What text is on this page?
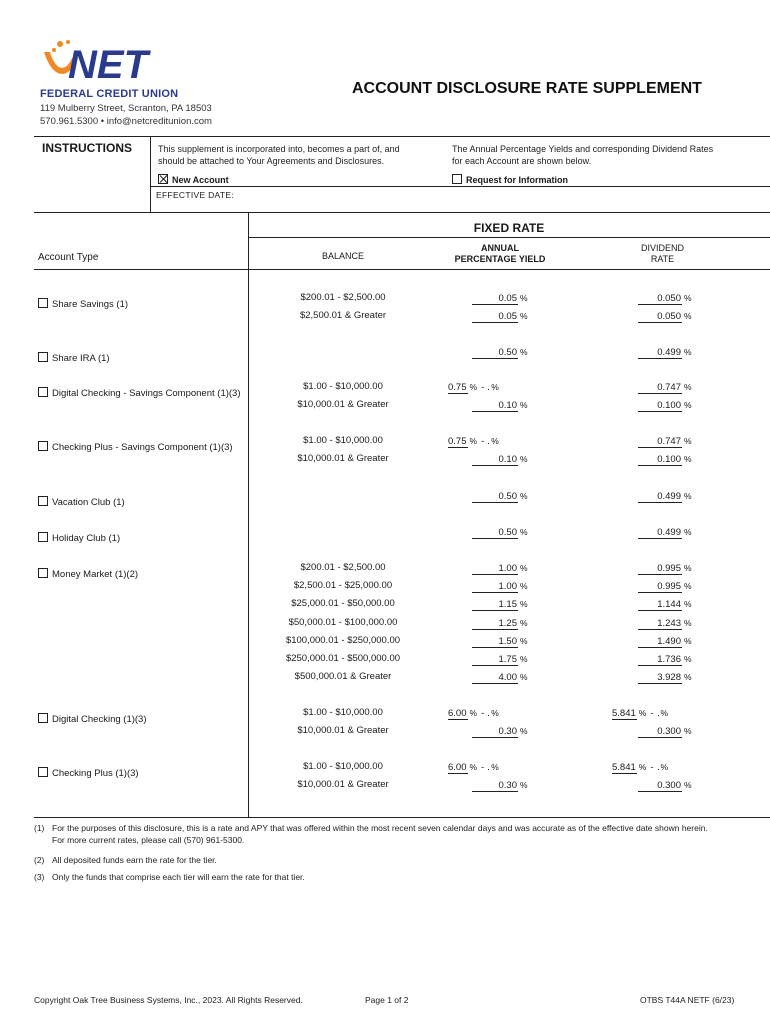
NET
FEDERAL CREDIT UNION
119 Mulberry Street, Scranton, PA 18503
570.961.5300 • info@netcreditunion.com
ACCOUNT DISCLOSURE RATE SUPPLEMENT
INSTRUCTIONS	This supplement is incorporated into, becomes a part of, and
should be attached to Your Agreements and Disclosures.
The Annual Percentage Yields and corresponding Dividend Rates
for each Account are shown below.
New Account	Request for Information
EFFECTIVE DATE:
FIXED RATE
Account Type	BALANCE
ANNUAL
PERCENTAGE YIELD
DIVIDEND
RATE
Share Savings (1)
$200.01 - $2,500.00	0.05 %	0.050 %
$2,500.01 & Greater	0.05 %	0.050 %
Share IRA (1)
0.50 %	0.499 %
Digital Checking - Savings Component (1)(3)
$1.00 - $10,000.00	0.75 % - %	0.747 %
$10,000.01 & Greater	0.10 %	0.100 %
Checking Plus - Savings Component (1)(3)
$1.00 - $10,000.00	0.75 % - %	0.747 %
$10,000.01 & Greater	0.10 %	0.100 %
Vacation Club (1)
0.50 %	0.499 %
Holiday Club (1)
0.50 %	0.499 %
Money Market (1)(2)
$200.01 - $2,500.00	1.00 %	0.995 %
$2,500.01 - $25,000.00	1.00 %	0.995 %
$25,000.01 - $50,000.00	1.15 %	1.144 %
$50,000.01 - $100,000.00	1.25 %	1.243 %
$100,000.01 - $250,000.00	1.50 %	1.490 %
$250,000.01 - $500,000.00	1.75 %	1.736 %
$500,000.01 & Greater	4.00 %	3.928 %
Digital Checking (1)(3)
$1.00 - $10,000.00	6.00 % - %	5.841 % - %
$10,000.01 & Greater	0.30 %	0.300 %
Checking Plus (1)(3)
$1.00 - $10,000.00	6.00 % - %	5.841 % - %
$10,000.01 & Greater	0.30 %	0.300 %
(1) For the purposes of this disclosure, this is a rate and APY that was offered within the most recent seven calendar days and was accurate as of the effective date shown herein.
For more current rates, please call (570) 961-5300.
(2) All deposited funds earn the rate for the tier.
(3) Only the funds that comprise each tier will earn the rate for that tier.
Copyright Oak Tree Business Systems, Inc., 2023. All Rights Reserved.	Page 1 of 2	OTBS T44A NETF (6/23)
